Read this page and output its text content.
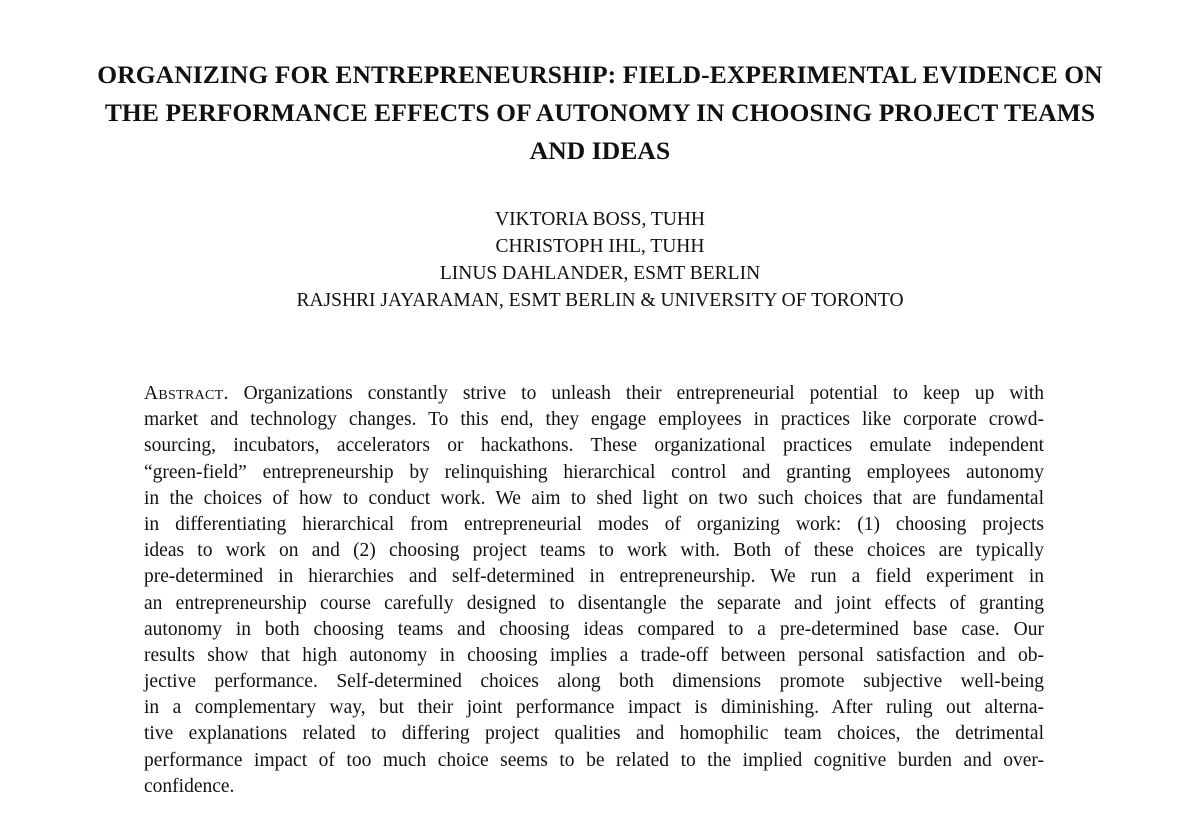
ORGANIZING FOR ENTREPRENEURSHIP: FIELD-EXPERIMENTAL EVIDENCE ON
THE PERFORMANCE EFFECTS OF AUTONOMY IN CHOOSING PROJECT TEAMS
AND IDEAS
VIKTORIA BOSS, TUHH
CHRISTOPH IHL, TUHH
LINUS DAHLANDER, ESMT BERLIN
RAJSHRI JAYARAMAN, ESMT BERLIN & UNIVERSITY OF TORONTO
Abstract. Organizations constantly strive to unleash their entrepreneurial potential to keep up with
market and technology changes. To this end, they engage employees in practices like corporate crowd-
sourcing, incubators, accelerators or hackathons. These organizational practices emulate independent
“green-field” entrepreneurship by relinquishing hierarchical control and granting employees autonomy
in the choices of how to conduct work. We aim to shed light on two such choices that are fundamental
in differentiating hierarchical from entrepreneurial modes of organizing work: (1) choosing projects
ideas to work on and (2) choosing project teams to work with. Both of these choices are typically
pre-determined in hierarchies and self-determined in entrepreneurship. We run a field experiment in
an entrepreneurship course carefully designed to disentangle the separate and joint effects of granting
autonomy in both choosing teams and choosing ideas compared to a pre-determined base case. Our
results show that high autonomy in choosing implies a trade-off between personal satisfaction and ob-
jective performance. Self-determined choices along both dimensions promote subjective well-being
in a complementary way, but their joint performance impact is diminishing. After ruling out alterna-
tive explanations related to differing project qualities and homophilic team choices, the detrimental
performance impact of too much choice seems to be related to the implied cognitive burden and over-
confidence.
